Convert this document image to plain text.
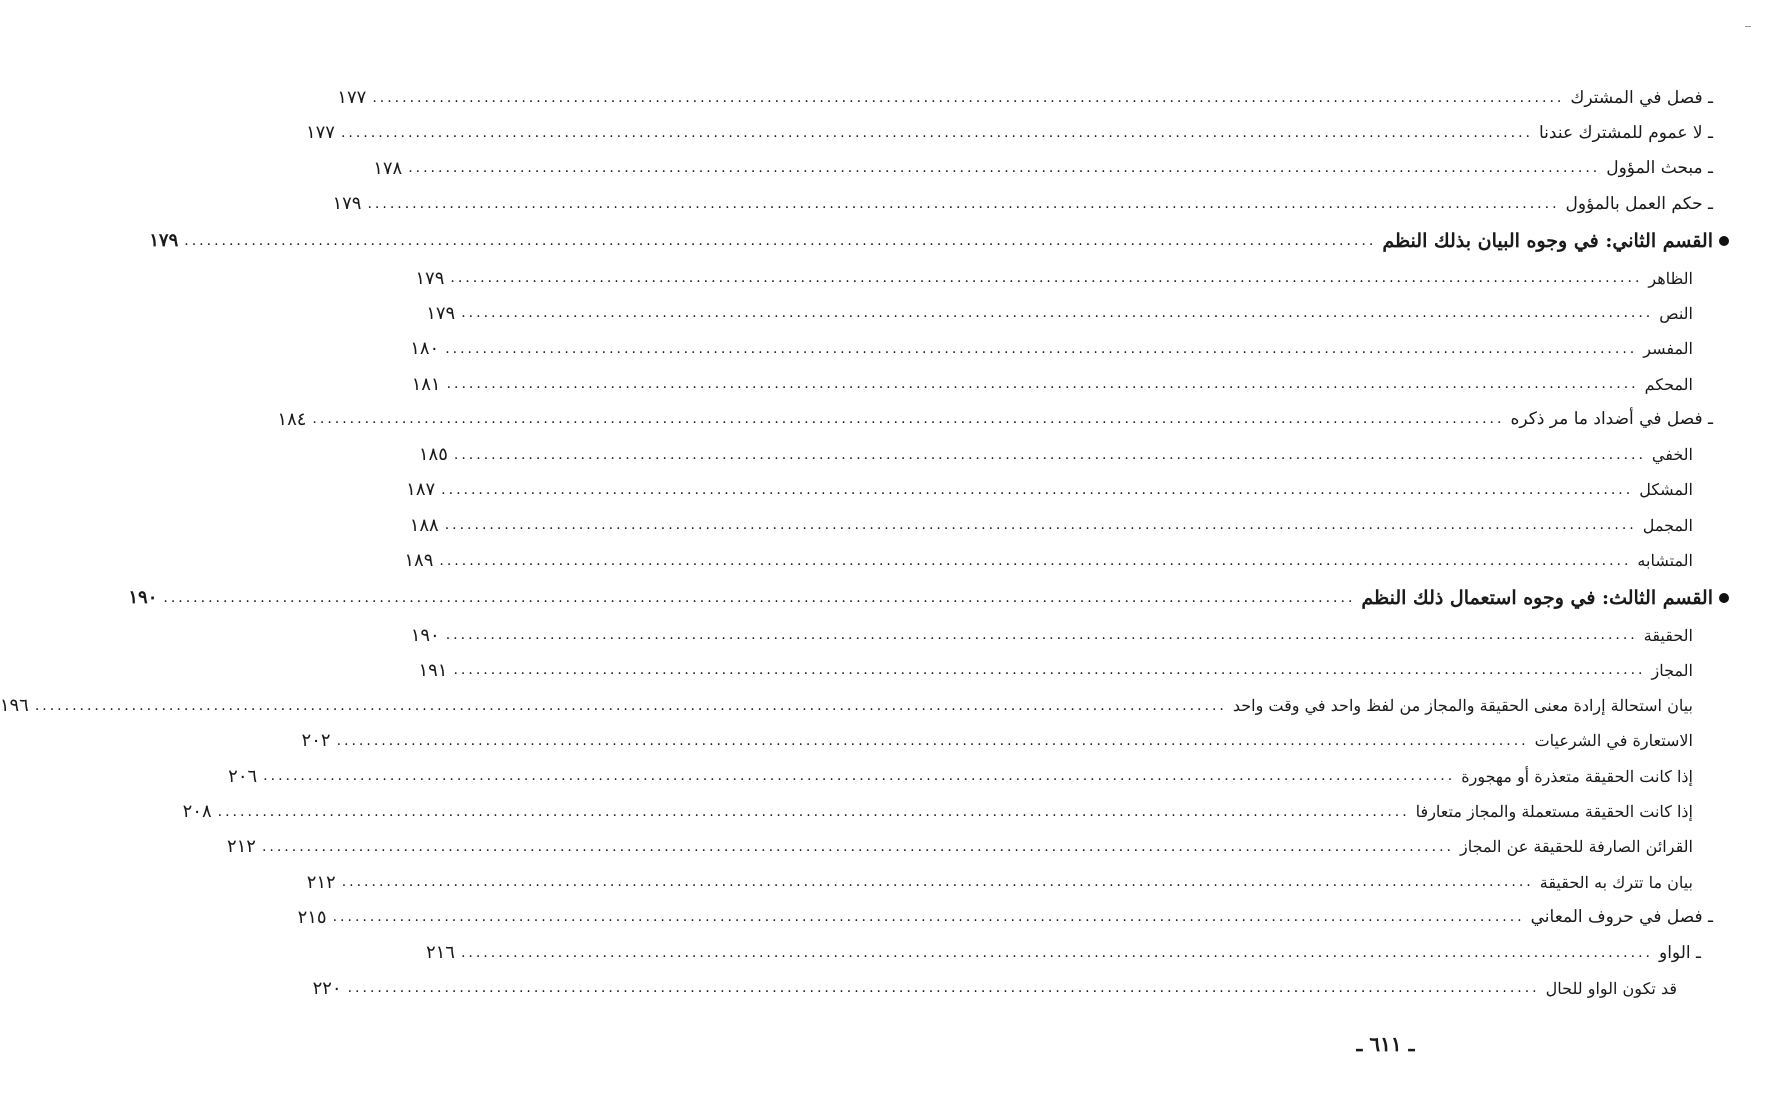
ـ فصل في المشترك
................................................................................................................................................................
١٧٧
ـ لا عموم للمشترك عندنا
................................................................................................................................................................
١٧٧
ـ مبحث المؤول
................................................................................................................................................................
١٧٨
ـ حكم العمل بالمؤول
................................................................................................................................................................
١٧٩
القسم الثاني: في وجوه البيان بذلك النظم
................................................................................................................................................................
١٧٩
الظاهر
................................................................................................................................................................
١٧٩
النص
................................................................................................................................................................
١٧٩
المفسر
................................................................................................................................................................
١٨٠
المحكم
................................................................................................................................................................
١٨١
ـ فصل في أضداد ما مر ذكره
................................................................................................................................................................
١٨٤
الخفي
................................................................................................................................................................
١٨٥
المشكل
................................................................................................................................................................
١٨٧
المجمل
................................................................................................................................................................
١٨٨
المتشابه
................................................................................................................................................................
١٨٩
القسم الثالث: في وجوه استعمال ذلك النظم
................................................................................................................................................................
١٩٠
الحقيقة
................................................................................................................................................................
١٩٠
المجاز
................................................................................................................................................................
١٩١
بيان استحالة إرادة معنى الحقيقة والمجاز من لفظ واحد في وقت واحد
................................................................................................................................................................
١٩٦
الاستعارة في الشرعيات
................................................................................................................................................................
٢٠٢
إذا كانت الحقيقة متعذرة أو مهجورة
................................................................................................................................................................
٢٠٦
إذا كانت الحقيقة مستعملة والمجاز متعارفا
................................................................................................................................................................
٢٠٨
القرائن الصارفة للحقيقة عن المجاز
................................................................................................................................................................
٢١٢
بيان ما تترك به الحقيقة
................................................................................................................................................................
٢١٢
ـ فصل في حروف المعاني
................................................................................................................................................................
٢١٥
ـ الواو
................................................................................................................................................................
٢١٦
قد تكون الواو للحال
................................................................................................................................................................
٢٢٠
ـ ٦١١ ـ
